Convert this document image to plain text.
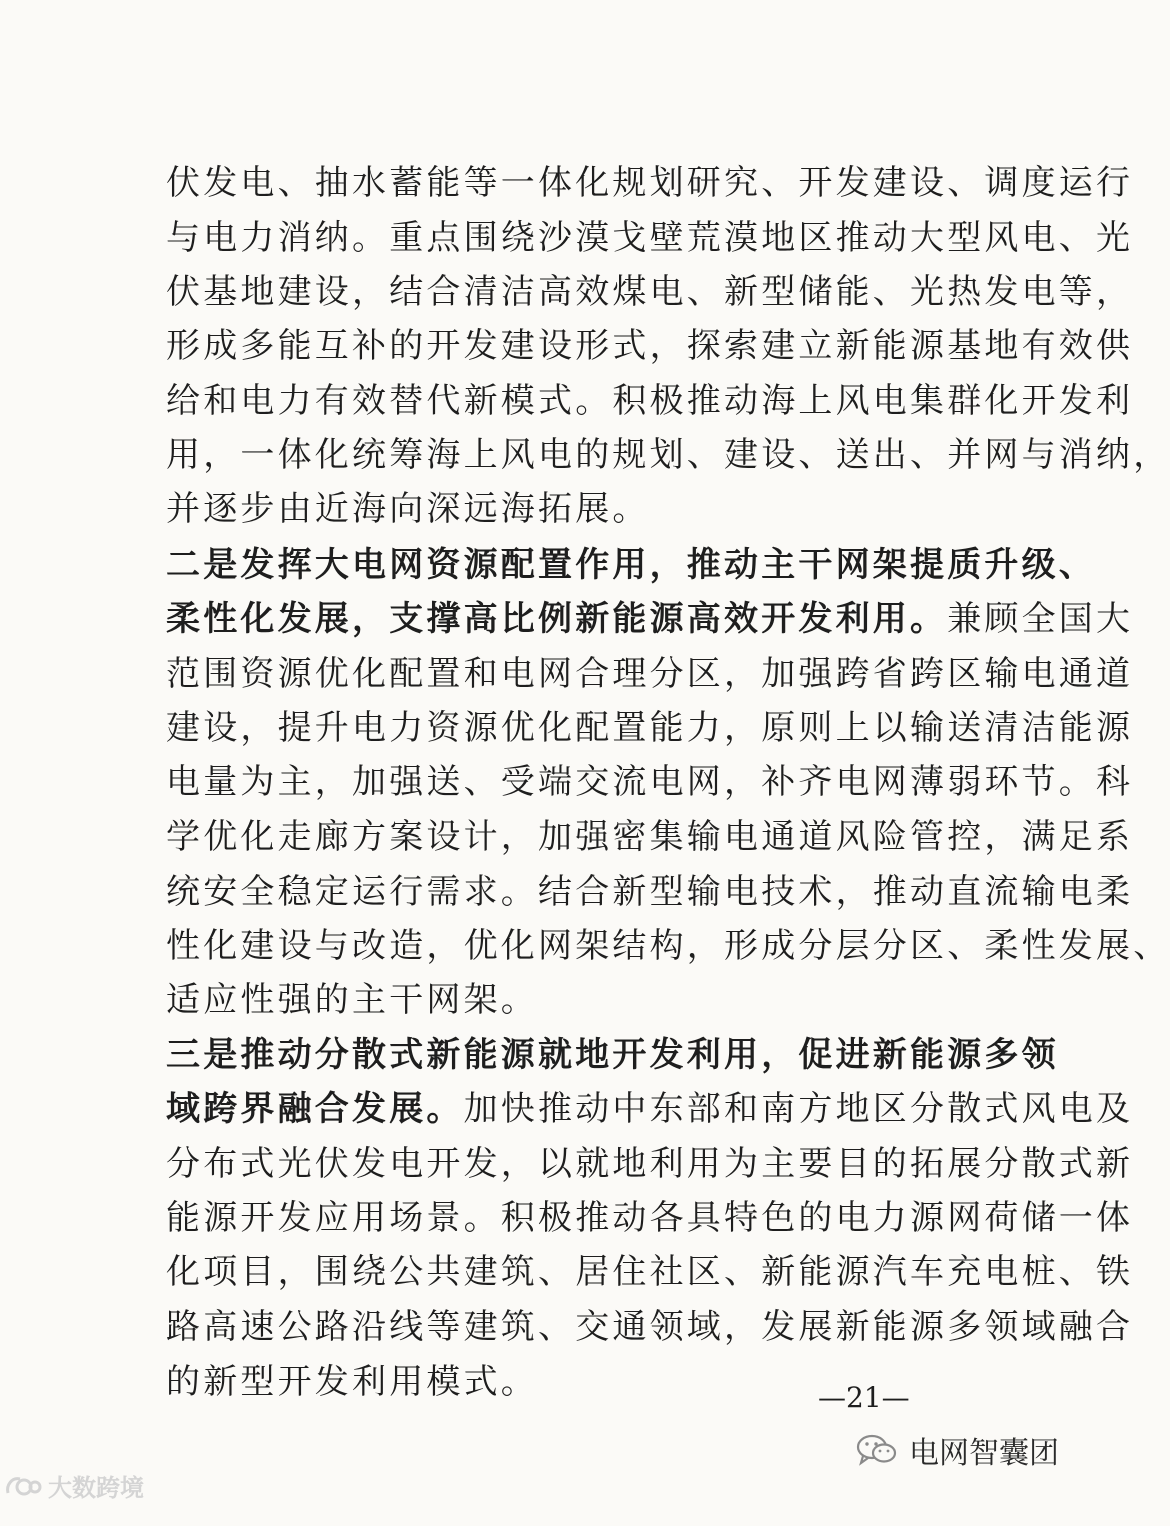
伏发电、抽水蓄能等一体化规划研究、开发建设、调度运行
与电力消纳。重点围绕沙漠戈壁荒漠地区推动大型风电、光
伏基地建设，结合清洁高效煤电、新型储能、光热发电等，
形成多能互补的开发建设形式，探索建立新能源基地有效供
给和电力有效替代新模式。积极推动海上风电集群化开发利
用，一体化统筹海上风电的规划、建设、送出、并网与消纳，
并逐步由近海向深远海拓展。
二是发挥大电网资源配置作用，推动主干网架提质升级、
柔性化发展，支撑高比例新能源高效开发利用。兼顾全国大
范围资源优化配置和电网合理分区，加强跨省跨区输电通道
建设，提升电力资源优化配置能力，原则上以输送清洁能源
电量为主，加强送、受端交流电网，补齐电网薄弱环节。科
学优化走廊方案设计，加强密集输电通道风险管控，满足系
统安全稳定运行需求。结合新型输电技术，推动直流输电柔
性化建设与改造，优化网架结构，形成分层分区、柔性发展、
适应性强的主干网架。
三是推动分散式新能源就地开发利用，促进新能源多领
域跨界融合发展。加快推动中东部和南方地区分散式风电及
分布式光伏发电开发，以就地利用为主要目的拓展分散式新
能源开发应用场景。积极推动各具特色的电力源网荷储一体
化项目，围绕公共建筑、居住社区、新能源汽车充电桩、铁
路高速公路沿线等建筑、交通领域，发展新能源多领域融合
的新型开发利用模式。	—21—
大数跨境
电网智囊团
